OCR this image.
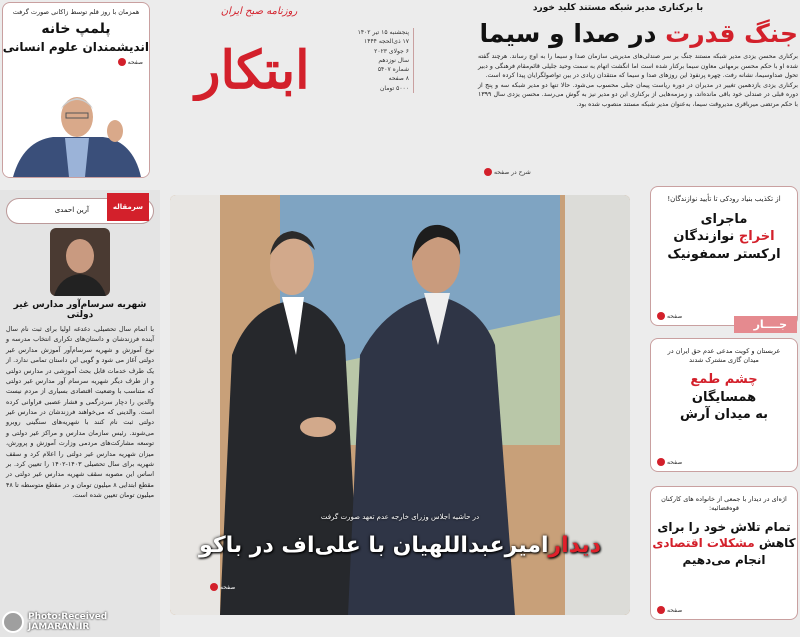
همزمان با روز قلم توسط زاکانی صورت گرفت
پلمپ خانه
اندیشمندان علوم انسانی
صفحه
روزنامه صبح ایران
ابتکار
پنجشنبه ۱۵ تیر ۱۴۰۲
۱۷ ذی‌الحجه ۱۴۴۴
۶ جولای ۲۰۲۳
سال نوزدهم
شماره ۵۴۰۷
۸ صفحه
۵۰۰۰ تومان
با برکناری مدیر شبکه مستند کلید خورد
جنگ قدرت در صدا و سیما

برکناری محسن یزدی مدیر شبکه مستند جنگ بر سر صندلی‌های مدیریتی سازمان صدا و سیما را به اوج رساند. هرچند گفته شده او با حکم محسن برمهانی معاون سیما برکنار شده است اما انگشت اتهام به سمت وحید جلیلی قائم‌مقام فرهنگی و دبیر تحول صداوسیما، نشانه رفت. چهره پرنفوذ این روزهای صدا و سیما که منتقدان زیادی در بین تواصولگرایان پیدا کرده است.

برکناری یزدی یازدهمین تغییر در مدیران در دوره ریاست پیمان جبلی محسوب می‌شود. حالا تنها دو مدیر شبکه سه و پنج از دوره قبلی در صندلی خود باقی مانده‌اند، و زمزمه‌هایی از برکناری این دو مدیر نیز به گوش می‌رسد. محسن یزدی سال ۱۳۹۹ با حکم مرتضی میرباقری مدیروقت سیما، به‌عنوان مدیر شبکه مستند منصوب شده بود.

شرح در صفحه
سرمقاله
آرین احمدی
شهریه سرسام‌آور مدارس غیر دولتی

با اتمام سال تحصیلی، دغدغه اولیا برای ثبت نام سال آینده فرزندشان و داستان‌های تکراری انتخاب مدرسه و نوع آموزش و شهریه سرسام‌آور آموزش مدارس غیر دولتی آغاز می شود و گویی این داستان تمامی ندارد. از یک طرف خدمات قابل بحث آموزشی در مدارس دولتی و از طرف دیگر شهریه سرسام آور مدارس غیر دولتی که متناسب با وضعیت اقتصادی بسیاری از مردم نیست والدین را دچار سردرگمی و فشار عصبی فراوانی کرده است. والدینی که می‌خواهند فرزندشان در مدارس غیر دولتی ثبت نام کنند با شهریه‌های سنگینی روبرو می‌شوند. رئیس سازمان مدارس و مراکز غیر دولتی و توسعه مشارکت‌های مردمی وزارت آموزش و پرورش، میزان شهریه مدارس غیر دولتی را اعلام کرد و سقف شهریه برای سال تحصیلی ۱۴۰۳-۱۴۰۲ را تعیین کرد. بر اساس این مصوبه سقف شهریه مدارس غیر دولتی در مقطع ابتدایی ۸ میلیون تومان و در مقطع متوسطه تا ۴۸ میلیون تومان تعیین شده است.

در حاشیه اجلاس وزرای خارجه عدم تعهد صورت گرفت
دیدارامیرعبداللهیان با علی‌اف در باکو
صفحه
از تکذیب بنیاد رودکی تا تأیید نوازندگان!
ماجرای
اخراج نوازندگان
ارکستر سمفونیک
صفحه
جــــار
عربستان و کویت مدعی عدم حق ایران در میدان گازی مشترک شدند
چشم طمع
همسایگان
به میدان آرش
صفحه
اژه‌ای در دیدار با جمعی از خانواده های کارکنان قوه‌قضائیه:
تمام تلاش خود را برای
کاهش مشکلات اقتصادی
انجام می‌دهیم
صفحه
Photo:Received
JAMARAN.IR
